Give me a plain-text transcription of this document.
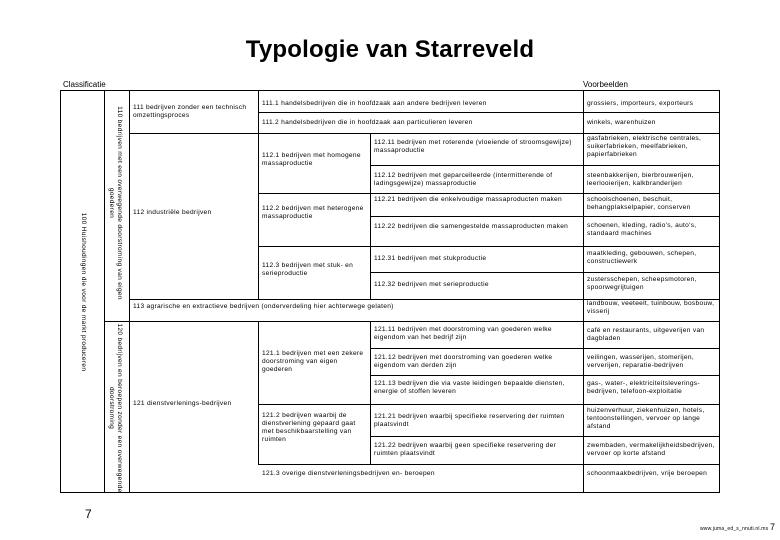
Typologie van Starreveld
Classificatie	Voorbeelden
100 Huishoudingen die voor de markt produceren	110 bedrijven met een overwegende doorstroming van eigen goederen
120 bedrijven en beroepen zonder een overwegende doorstroming
111 bedrijven zonder een technisch omzettingsproces
112 industriële bedrijven
113 agrarische en extractieve bedrijven (onderverdeling hier achterwege gelaten)
121 dienstverlenings-bedrijven
111.1 handelsbedrijven die in hoofdzaak aan andere bedrijven leveren
111.2 handelsbedrijven die in hoofdzaak aan particulieren leveren
112.1 bedrijven met homogene massaproductie
112.11 bedrijven met roterende (vloeiende of stroomsgewijze) massaproductie
112.12 bedrijven met geparcelleerde (intermitterende of ladingsgewijze) massaproductie
112.2 bedrijven met heterogene massaproductie
112.21 bedrijven die enkelvoudige massaproducten maken
112.22 bedrijven die samengestelde massaproducten maken
112.3 bedrijven met stuk- en serieproductie
112.31 bedrijven met stukproductie
112.32 bedrijven met serieproductie
121.1 bedrijven met een zekere doorstroming van eigen goederen
121.11 bedrijven met doorstroming van goederen welke eigendom van het bedrijf zijn
121.12 bedrijven met doorstroming van goederen welke eigendom van derden zijn
121.13 bedrijven die via vaste leidingen bepaalde diensten, energie of stoffen leveren
121.2 bedrijven waarbij de dienstverlening gepaard gaat met beschikbaarstelling van ruimten
121.21 bedrijven waarbij specifieke reservering der ruimten plaatsvindt
121.22 bedrijven waarbij geen specifieke reservering der ruimten plaatsvindt
121.3 overige dienstverleningsbedrijven en- beroepen
grossiers, importeurs, exporteurs
winkels, warenhuizen
gasfabrieken, elektrische centrales, suikerfabrieken, meelfabrieken, papierfabrieken
steenbakkerijen, bierbrouwerijen, leerlooierijen, kalkbranderijen
schoolschoenen, beschuit, behangplakselpapier, conserven
schoenen, kleding, radio's, auto's, standaard machines
maatkleding, gebouwen, schepen, constructiewerk
zustersschepen, scheepsmotoren, spoorwegrijtuigen
landbouw, veeteelt, tuinbouw, bosbouw, visserij
café en restaurants, uitgeverijen van dagbladen
veilingen, wasserijen, stomerijen, ververijen, reparatie-bedrijven
gas-, water-, elektriciteitsleverings-bedrijven, telefoon-exploitatie
huizenverhuur, ziekenhuizen, hotels, tentoonstellingen, vervoer op lange afstand
zwembaden, vermakelijkheidsbedrijven, vervoer op korte afstand
schoonmaakbedrijven, vrije beroepen
7
www.juma_ed_s_nnuti.nl.ms 7
